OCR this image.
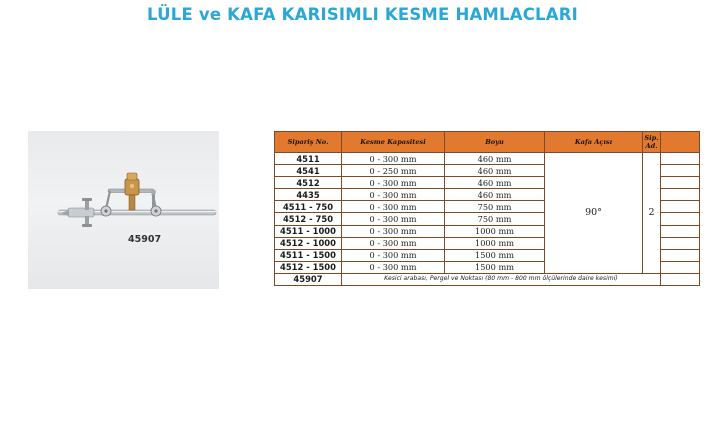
LÜLE ve KAFA KARISIMLI KESME HAMLACLARI
45907
Sipariş No.	Kesme Kapasitesi	Boyu	Kafa Açısı	Sip. Ad.	
4511	0 - 300 mm	460 mm	90°	2	
4541	0 - 250 mm	460 mm			
4512	0 - 300 mm	460 mm			
4435	0 - 300 mm	460 mm			
4511 - 750	0 - 300 mm	750 mm			
4512 - 750	0 - 300 mm	750 mm			
4511 - 1000	0 - 300 mm	1000 mm			
4512 - 1000	0 - 300 mm	1000 mm			
4511 - 1500	0 - 300 mm	1500 mm			
4512 - 1500	0 - 300 mm	1500 mm			
45907	Kesici arabası, Pergel ve Noktası (80 mm - 800 mm ölçülerinde daire kesimi)				
